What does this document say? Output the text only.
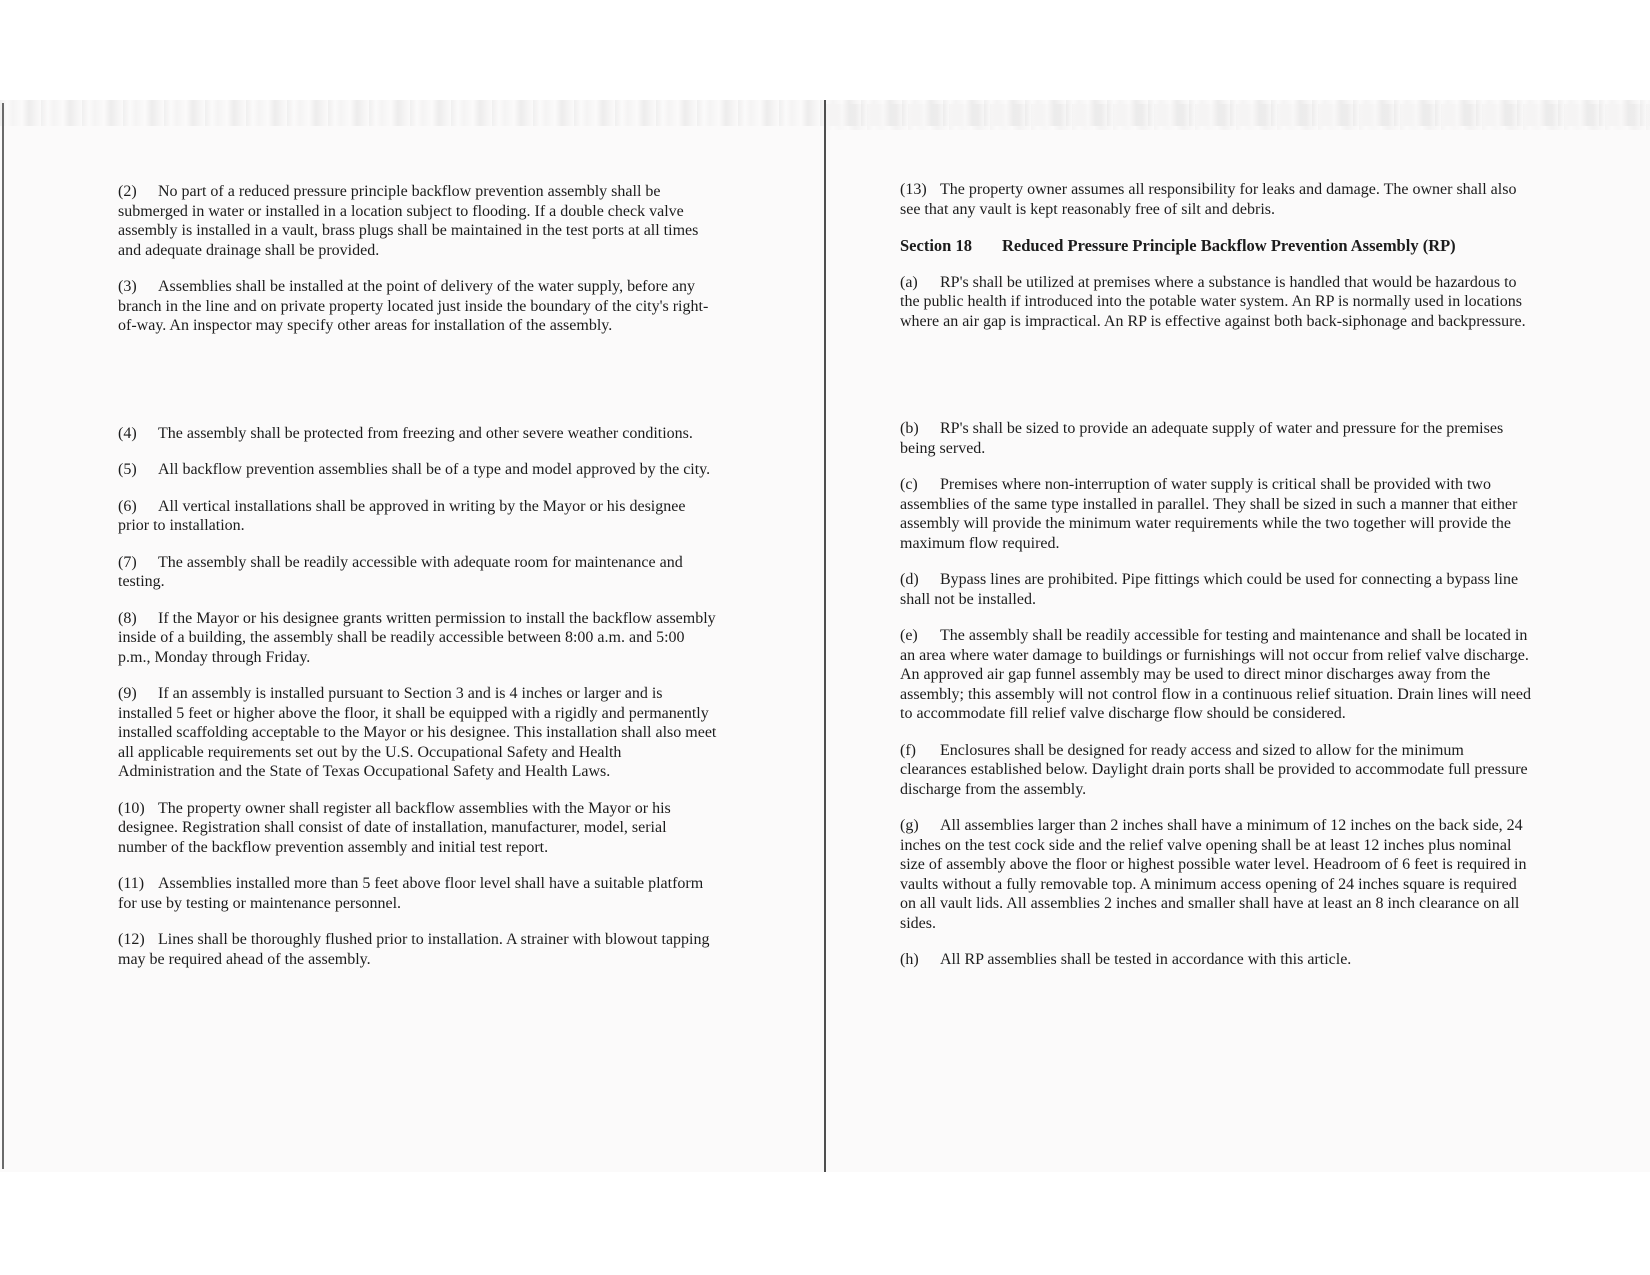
(2) No part of a reduced pressure principle backflow prevention assembly shall be submerged in water or installed in a location subject to flooding. If a double check valve assembly is installed in a vault, brass plugs shall be maintained in the test ports at all times and adequate drainage shall be provided.

(3) Assemblies shall be installed at the point of delivery of the water supply, before any branch in the line and on private property located just inside the boundary of the city's right-of-way. An inspector may specify other areas for installation of the assembly.

(4) The assembly shall be protected from freezing and other severe weather conditions.

(5) All backflow prevention assemblies shall be of a type and model approved by the city.

(6) All vertical installations shall be approved in writing by the Mayor or his designee prior to installation.

(7) The assembly shall be readily accessible with adequate room for maintenance and testing.

(8) If the Mayor or his designee grants written permission to install the backflow assembly inside of a building, the assembly shall be readily accessible between 8:00 a.m. and 5:00 p.m., Monday through Friday.

(9) If an assembly is installed pursuant to Section 3 and is 4 inches or larger and is installed 5 feet or higher above the floor, it shall be equipped with a rigidly and permanently installed scaffolding acceptable to the Mayor or his designee. This installation shall also meet all applicable requirements set out by the U.S. Occupational Safety and Health Administration and the State of Texas Occupational Safety and Health Laws.

(10) The property owner shall register all backflow assemblies with the Mayor or his designee. Registration shall consist of date of installation, manufacturer, model, serial number of the backflow prevention assembly and initial test report.

(11) Assemblies installed more than 5 feet above floor level shall have a suitable platform for use by testing or maintenance personnel.

(12) Lines shall be thoroughly flushed prior to installation. A strainer with blowout tapping may be required ahead of the assembly.

(13) The property owner assumes all responsibility for leaks and damage. The owner shall also see that any vault is kept reasonably free of silt and debris.

Section 18 Reduced Pressure Principle Backflow Prevention Assembly (RP)

(a) RP's shall be utilized at premises where a substance is handled that would be hazardous to the public health if introduced into the potable water system. An RP is normally used in locations where an air gap is impractical. An RP is effective against both back-siphonage and backpressure.

(b) RP's shall be sized to provide an adequate supply of water and pressure for the premises being served.

(c) Premises where non-interruption of water supply is critical shall be provided with two assemblies of the same type installed in parallel. They shall be sized in such a manner that either assembly will provide the minimum water requirements while the two together will provide the maximum flow required.

(d) Bypass lines are prohibited. Pipe fittings which could be used for connecting a bypass line shall not be installed.

(e) The assembly shall be readily accessible for testing and maintenance and shall be located in an area where water damage to buildings or furnishings will not occur from relief valve discharge. An approved air gap funnel assembly may be used to direct minor discharges away from the assembly; this assembly will not control flow in a continuous relief situation. Drain lines will need to accommodate fill relief valve discharge flow should be considered.

(f) Enclosures shall be designed for ready access and sized to allow for the minimum clearances established below. Daylight drain ports shall be provided to accommodate full pressure discharge from the assembly.

(g) All assemblies larger than 2 inches shall have a minimum of 12 inches on the back side, 24 inches on the test cock side and the relief valve opening shall be at least 12 inches plus nominal size of assembly above the floor or highest possible water level. Headroom of 6 feet is required in vaults without a fully removable top. A minimum access opening of 24 inches square is required on all vault lids. All assemblies 2 inches and smaller shall have at least an 8 inch clearance on all sides.

(h) All RP assemblies shall be tested in accordance with this article.
